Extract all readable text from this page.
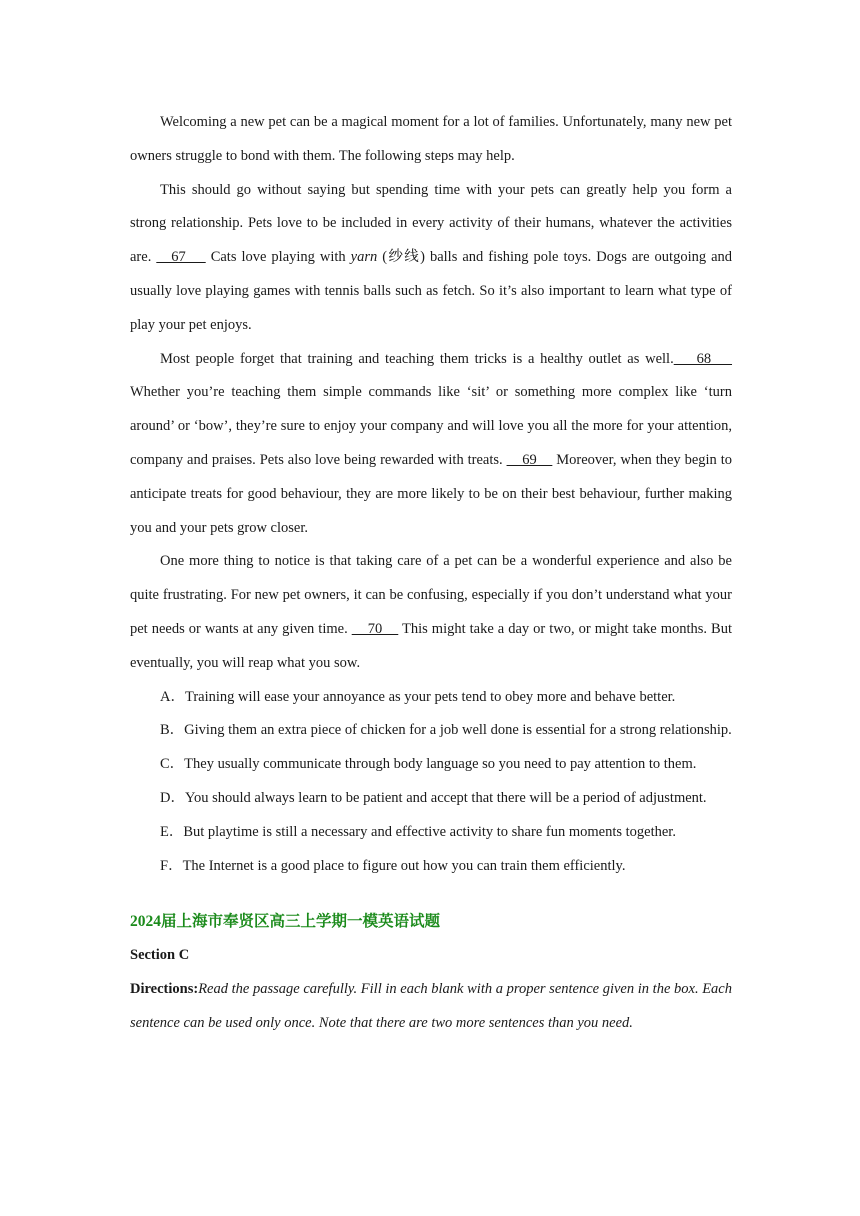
Welcoming a new pet can be a magical moment for a lot of families. Unfortunately, many new pet owners struggle to bond with them. The following steps may help.

This should go without saying but spending time with your pets can greatly help you form a strong relationship. Pets love to be included in every activity of their humans, whatever the activities are.    67     Cats love playing with yarn (纱线) balls and fishing pole toys. Dogs are outgoing and usually love playing games with tennis balls such as fetch. So it’s also important to learn what type of play your pet enjoys.

Most people forget that training and teaching them tricks is a healthy outlet as well.    68     Whether you’re teaching them simple commands like ‘sit’ or something more complex like ‘turn around’ or ‘bow’, they’re sure to enjoy your company and will love you all the more for your attention, company and praises. Pets also love being rewarded with treats.     69     Moreover, when they begin to anticipate treats for good behaviour, they are more likely to be on their best behaviour, further making you and your pets grow closer.

One more thing to notice is that taking care of a pet can be a wonderful experience and also be quite frustrating. For new pet owners, it can be confusing, especially if you don’t understand what your pet needs or wants at any given time.     70     This might take a day or two, or might take months. But eventually, you will reap what you sow.

A．Training will ease your annoyance as your pets tend to obey more and behave better.

B．Giving them an extra piece of chicken for a job well done is essential for a strong relationship.

C．They usually communicate through body language so you need to pay attention to them.

D．You should always learn to be patient and accept that there will be a period of adjustment.

E．But playtime is still a necessary and effective activity to share fun moments together.

F．The Internet is a good place to figure out how you can train them efficiently.

2024届上海市奉贤区高三上学期一模英语试题
Section C

Directions:Read the passage carefully. Fill in each blank with a proper sentence given in the box. Each sentence can be used only once. Note that there are two more sentences than you need.
